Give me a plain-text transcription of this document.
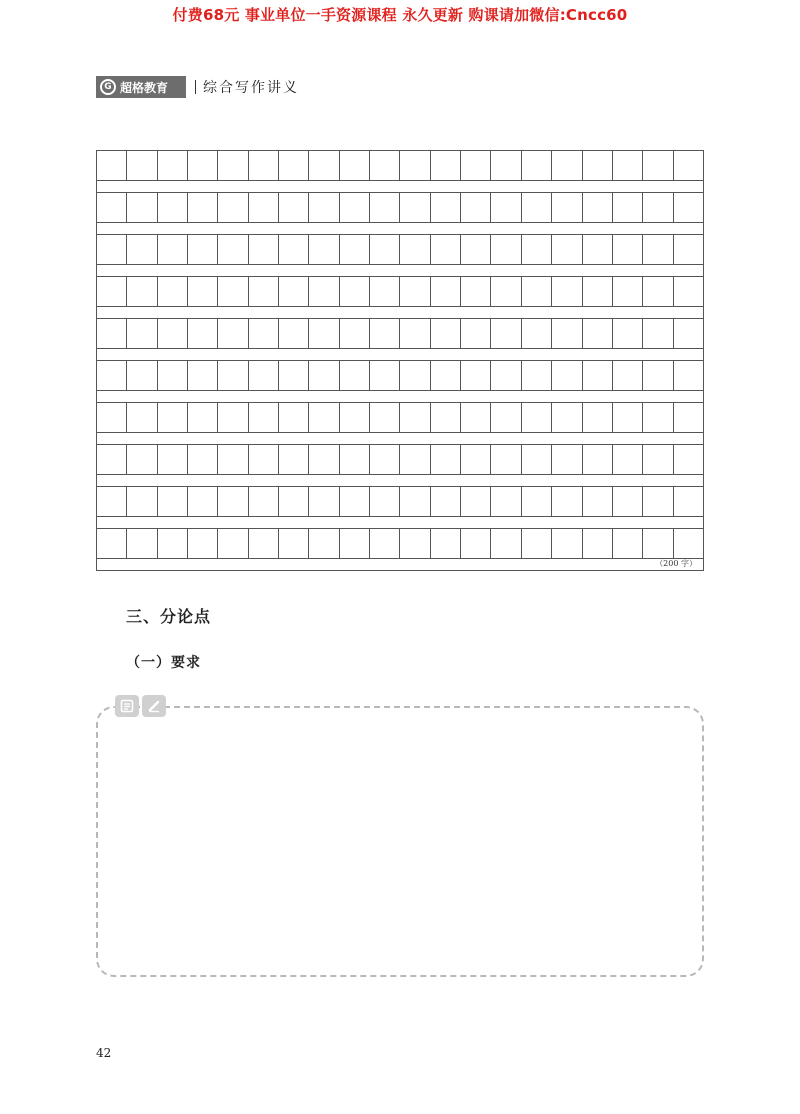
付费68元 事业单位一手资源课程 永久更新 购课请加微信:Cncc60
G 超格教育 综合写作讲义
（200 字）
三、分论点
（一）要求
42
